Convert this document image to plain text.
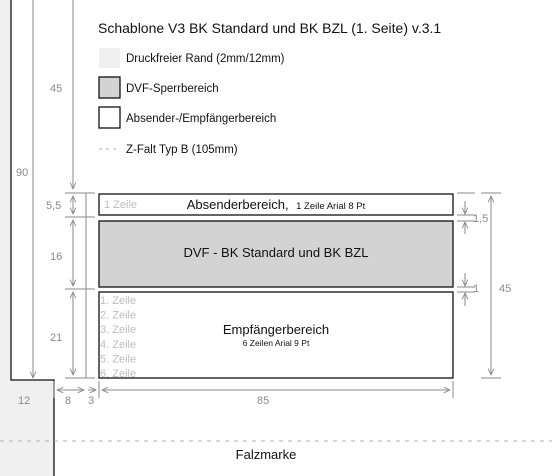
Schablone V3 BK Standard und BK BZL (1. Seite) v.3.1
Druckfreier Rand (2mm/12mm)
DVF-Sperrbereich
Absender-/Empfängerbereich
Z-Falt Typ B (105mm)
90
45
5,5
16
21
1 Zeile	Absenderbereich, 1 Zeile Arial 8 Pt
DVF - BK Standard und BK BZL
1. Zeile
2. Zeile
3. Zeile
4. Zeile
5. Zeile
6. Zeile
Empfängerbereich
6 Zeilen Arial 9 Pt
1,5
1 45
12	8 3	85
Falzmarke
